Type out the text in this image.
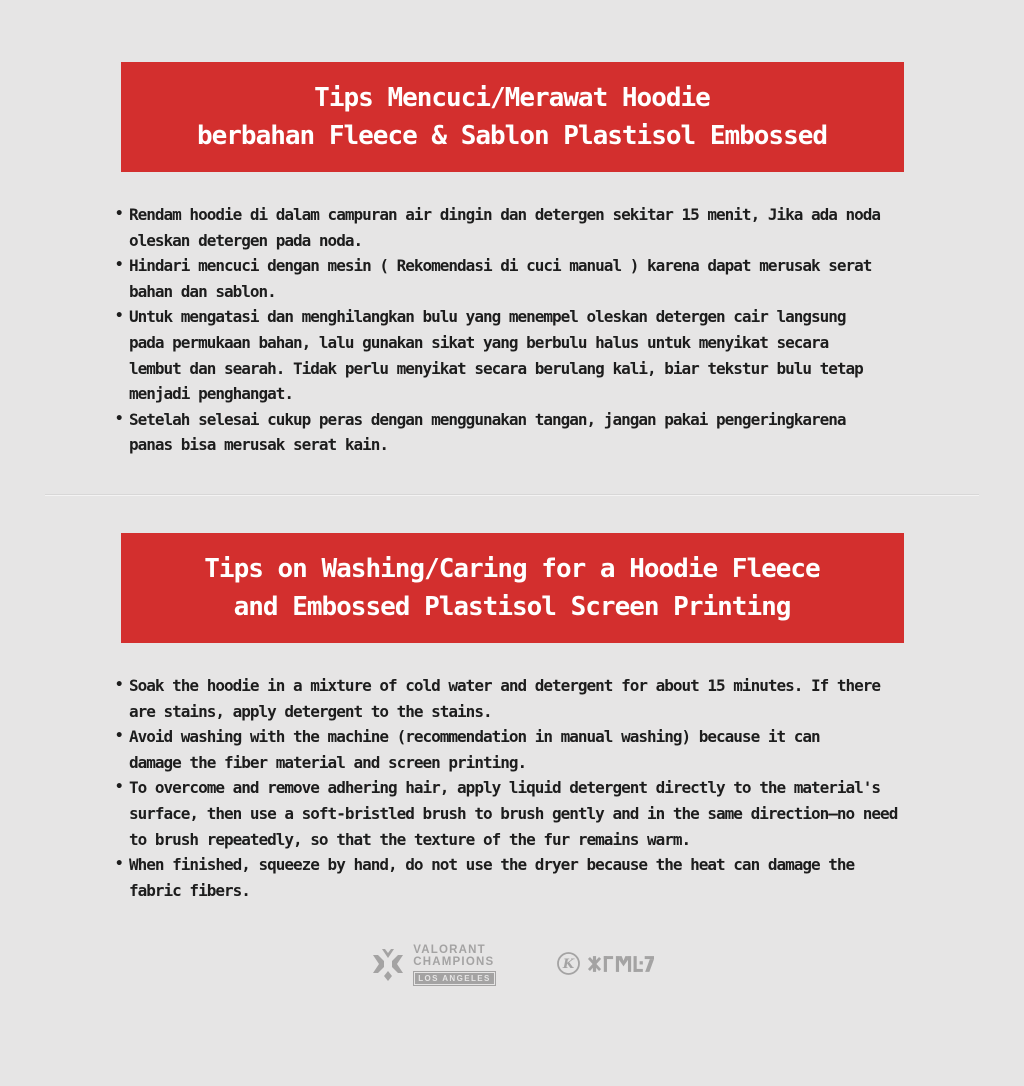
Tips Mencuci/Merawat Hoodie
berbahan Fleece & Sablon Plastisol Embossed
• Rendam hoodie di dalam campuran air dingin dan detergen sekitar 15 menit, Jika ada noda
oleskan detergen pada noda.
• Hindari mencuci dengan mesin ( Rekomendasi di cuci manual ) karena dapat merusak serat
bahan dan sablon.
• Untuk mengatasi dan menghilangkan bulu yang menempel oleskan detergen cair langsung
pada permukaan bahan, lalu gunakan sikat yang berbulu halus untuk menyikat secara
lembut dan searah. Tidak perlu menyikat secara berulang kali, biar tekstur bulu tetap
menjadi penghangat.
• Setelah selesai cukup peras dengan menggunakan tangan, jangan pakai pengeringkarena
panas bisa merusak serat kain.
Tips on Washing/Caring for a Hoodie Fleece
and Embossed Plastisol Screen Printing
• Soak the hoodie in a mixture of cold water and detergent for about 15 minutes. If there
are stains, apply detergent to the stains.
• Avoid washing with the machine (recommendation in manual washing) because it can
damage the fiber material and screen printing.
• To overcome and remove adhering hair, apply liquid detergent directly to the material's
surface, then use a soft-bristled brush to brush gently and in the same direction—no need
to brush repeatedly, so that the texture of the fur remains warm.
• When finished, squeeze by hand, do not use the dryer because the heat can damage the
fabric fibers.
VALORANT
CHAMPIONS
LOS ANGELES
K
